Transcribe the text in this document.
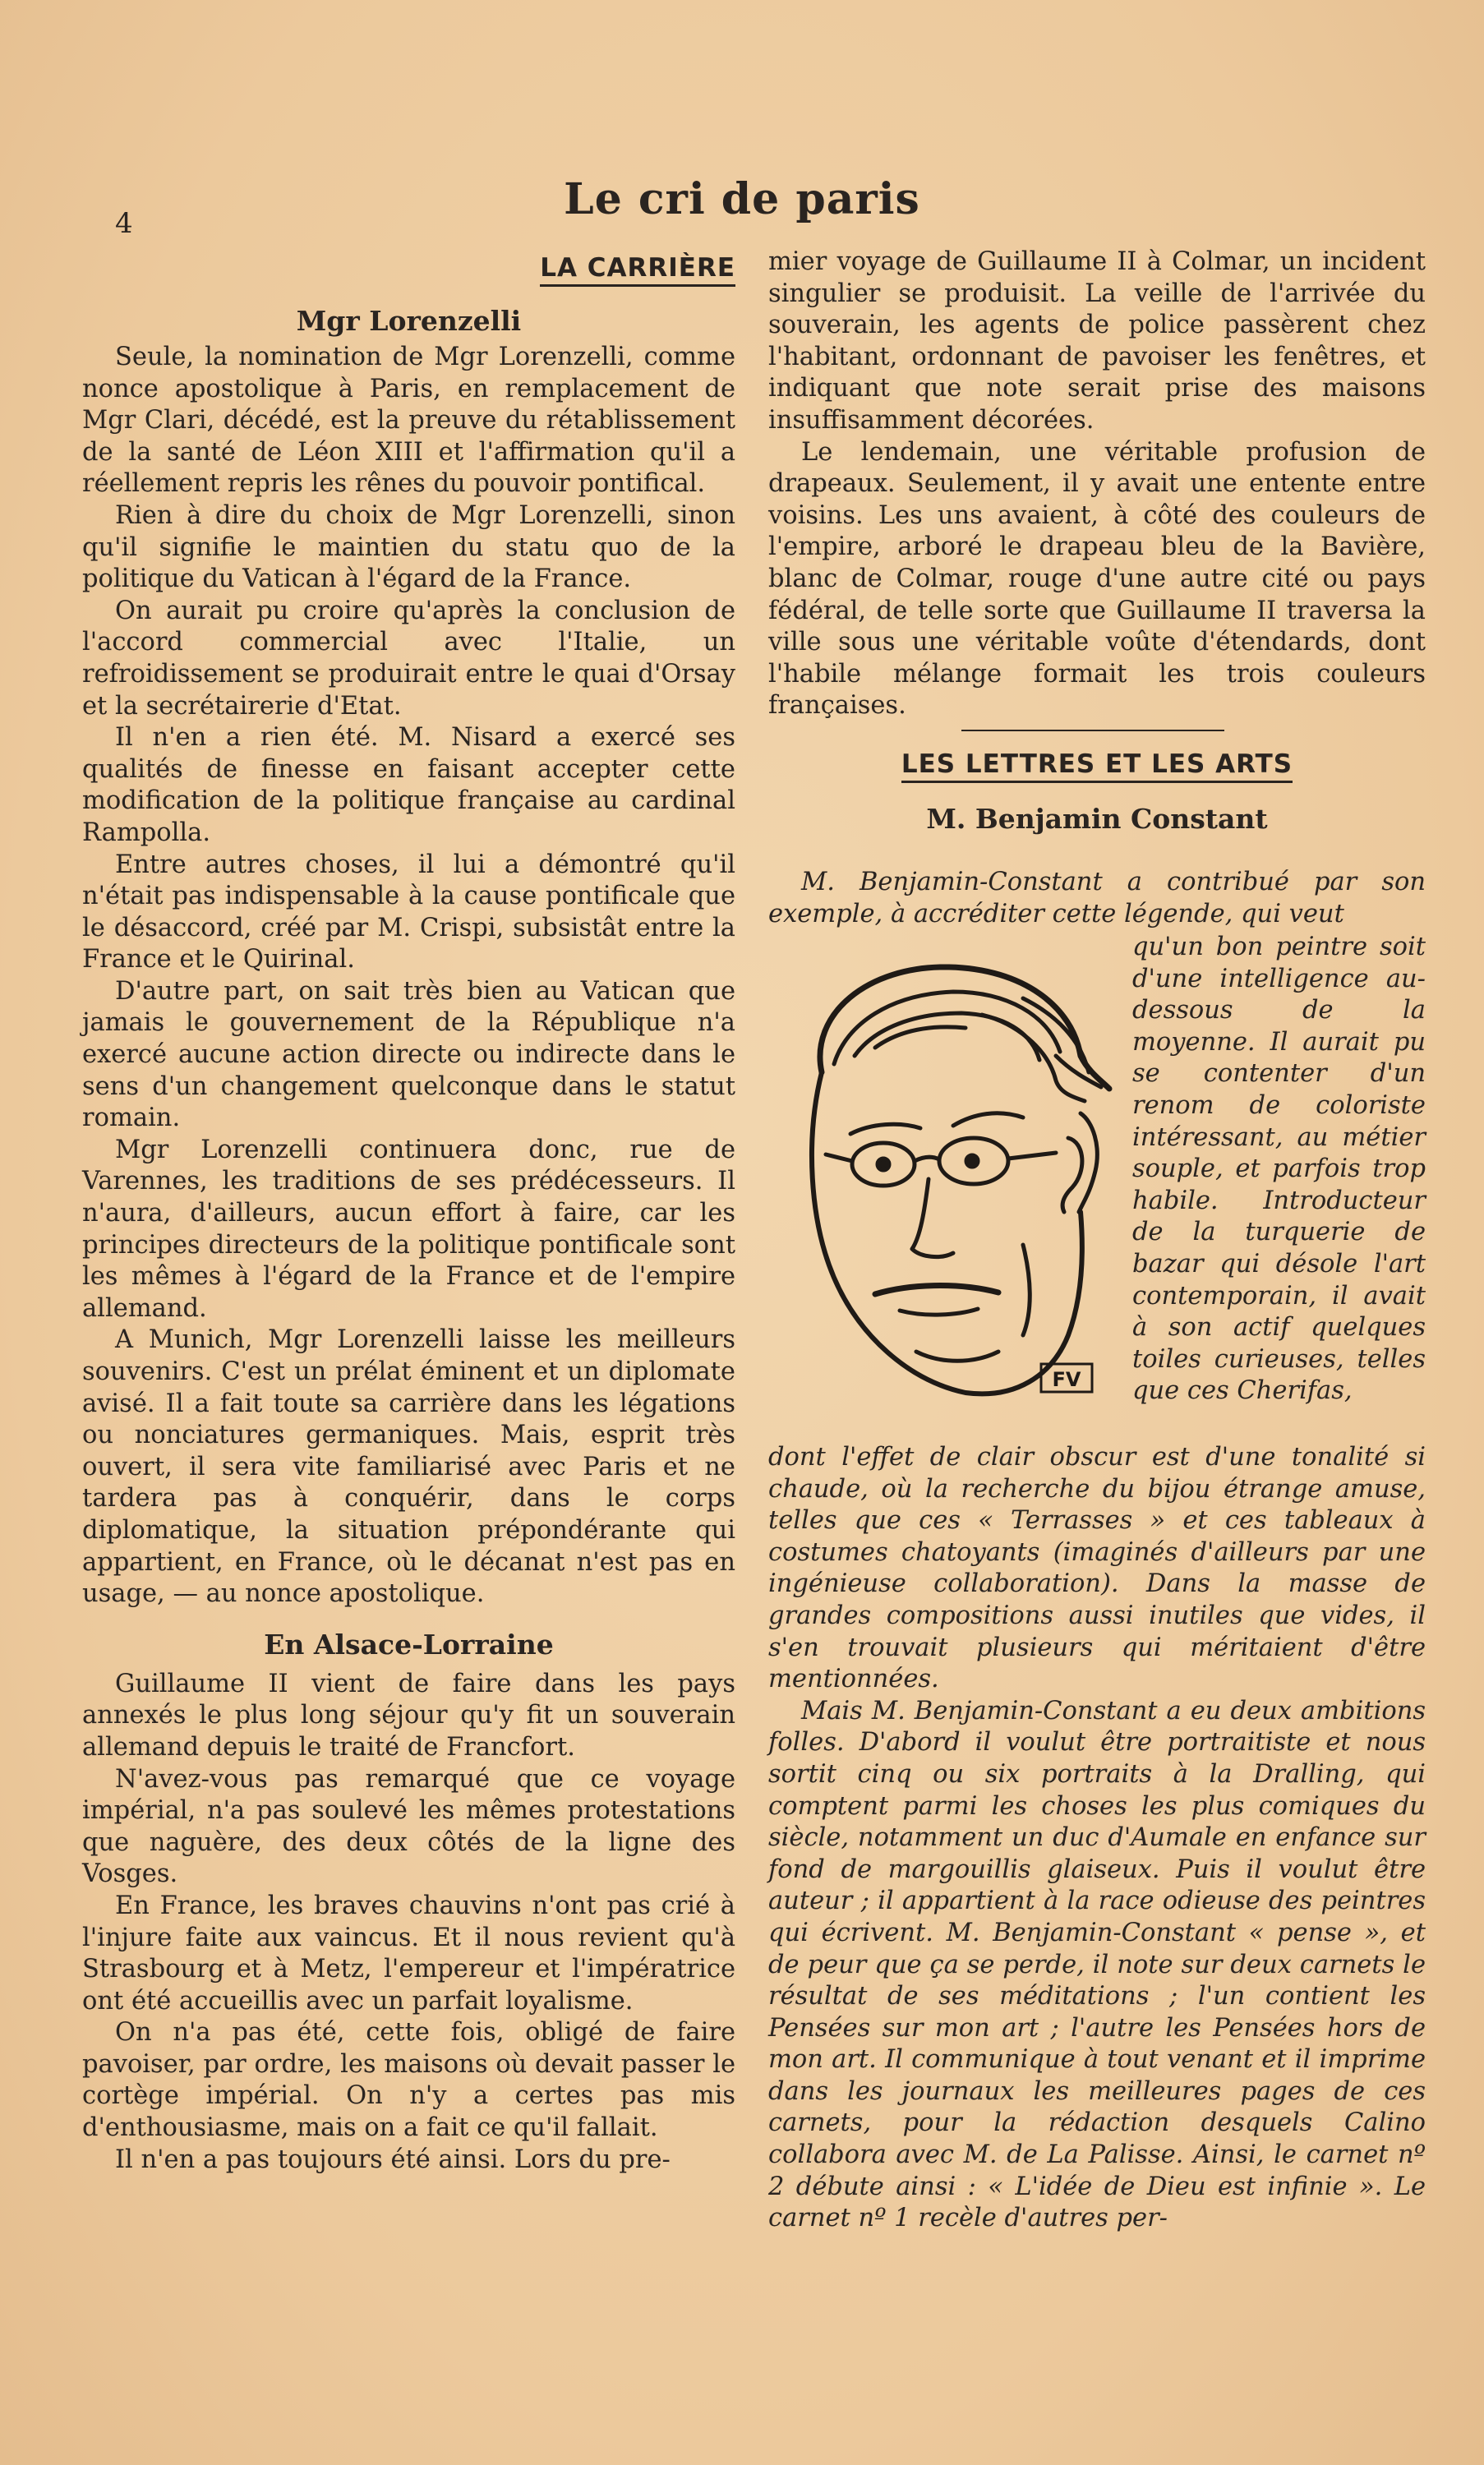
4	Le cri de paris
LA CARRIÈRE
Mgr Lorenzelli

Seule, la nomination de Mgr Lorenzelli, comme nonce apostolique à Paris, en remplacement de Mgr Clari, décédé, est la preuve du rétablissement de la santé de Léon XIII et l'affirmation qu'il a réellement repris les rênes du pouvoir pontifical.

Rien à dire du choix de Mgr Lorenzelli, sinon qu'il signifie le maintien du statu quo de la politique du Vatican à l'égard de la France.

On aurait pu croire qu'après la conclusion de l'accord commercial avec l'Italie, un refroidissement se produirait entre le quai d'Orsay et la secrétairerie d'Etat.

Il n'en a rien été. M. Nisard a exercé ses qualités de finesse en faisant accepter cette modification de la politique française au cardinal Rampolla.

Entre autres choses, il lui a démontré qu'il n'était pas indispensable à la cause pontificale que le désaccord, créé par M. Crispi, subsistât entre la France et le Quirinal.

D'autre part, on sait très bien au Vatican que jamais le gouvernement de la République n'a exercé aucune action directe ou indirecte dans le sens d'un changement quelconque dans le statut romain.

Mgr Lorenzelli continuera donc, rue de Varennes, les traditions de ses prédécesseurs. Il n'aura, d'ailleurs, aucun effort à faire, car les principes directeurs de la politique pontificale sont les mêmes à l'égard de la France et de l'empire allemand.

A Munich, Mgr Lorenzelli laisse les meilleurs souvenirs. C'est un prélat éminent et un diplomate avisé. Il a fait toute sa carrière dans les légations ou nonciatures germaniques. Mais, esprit très ouvert, il sera vite familiarisé avec Paris et ne tardera pas à conquérir, dans le corps diplomatique, la situation prépondérante qui appartient, en France, où le décanat n'est pas en usage, — au nonce apostolique.

En Alsace-Lorraine

Guillaume II vient de faire dans les pays annexés le plus long séjour qu'y fit un souverain allemand depuis le traité de Francfort.

N'avez-vous pas remarqué que ce voyage impérial, n'a pas soulevé les mêmes protestations que naguère, des deux côtés de la ligne des Vosges.

En France, les braves chauvins n'ont pas crié à l'injure faite aux vaincus. Et il nous revient qu'à Strasbourg et à Metz, l'empereur et l'impératrice ont été accueillis avec un parfait loyalisme.

On n'a pas été, cette fois, obligé de faire pavoiser, par ordre, les maisons où devait passer le cortège impérial. On n'y a certes pas mis d'enthousiasme, mais on a fait ce qu'il fallait.

Il n'en a pas toujours été ainsi. Lors du pre-

mier voyage de Guillaume II à Colmar, un incident singulier se produisit. La veille de l'arrivée du souverain, les agents de police passèrent chez l'habitant, ordonnant de pavoiser les fenêtres, et indiquant que note serait prise des maisons insuffisamment décorées.

Le lendemain, une véritable profusion de drapeaux. Seulement, il y avait une entente entre voisins. Les uns avaient, à côté des couleurs de l'empire, arboré le drapeau bleu de la Bavière, blanc de Colmar, rouge d'une autre cité ou pays fédéral, de telle sorte que Guillaume II traversa la ville sous une véritable voûte d'étendards, dont l'habile mélange formait les trois couleurs françaises.

LES LETTRES ET LES ARTS
M. Benjamin Constant

M. Benjamin-Constant a contribué par son exemple, à accréditer cette légende, qui veut

FV

qu'un bon peintre soit d'une intelligence au-dessous de la moyenne. Il aurait pu se contenter d'un renom de coloriste intéressant, au métier souple, et parfois trop habile. Introducteur de la turquerie de bazar qui désole l'art contemporain, il avait à son actif quelques toiles curieuses, telles que ces Cherifas,

dont l'effet de clair obscur est d'une tonalité si chaude, où la recherche du bijou étrange amuse, telles que ces « Terrasses » et ces tableaux à costumes chatoyants (imaginés d'ailleurs par une ingénieuse collaboration). Dans la masse de grandes compositions aussi inutiles que vides, il s'en trouvait plusieurs qui méritaient d'être mentionnées.

Mais M. Benjamin-Constant a eu deux ambitions folles. D'abord il voulut être portraitiste et nous sortit cinq ou six portraits à la Dralling, qui comptent parmi les choses les plus comiques du siècle, notamment un duc d'Aumale en enfance sur fond de margouillis glaiseux. Puis il voulut être auteur ; il appartient à la race odieuse des peintres qui écrivent. M. Benjamin-Constant « pense », et de peur que ça se perde, il note sur deux carnets le résultat de ses méditations ; l'un contient les Pensées sur mon art ; l'autre les Pensées hors de mon art. Il communique à tout venant et il imprime dans les journaux les meilleures pages de ces carnets, pour la rédaction desquels Calino collabora avec M. de La Palisse. Ainsi, le carnet nº 2 débute ainsi : « L'idée de Dieu est infinie ». Le carnet nº 1 recèle d'autres per-
